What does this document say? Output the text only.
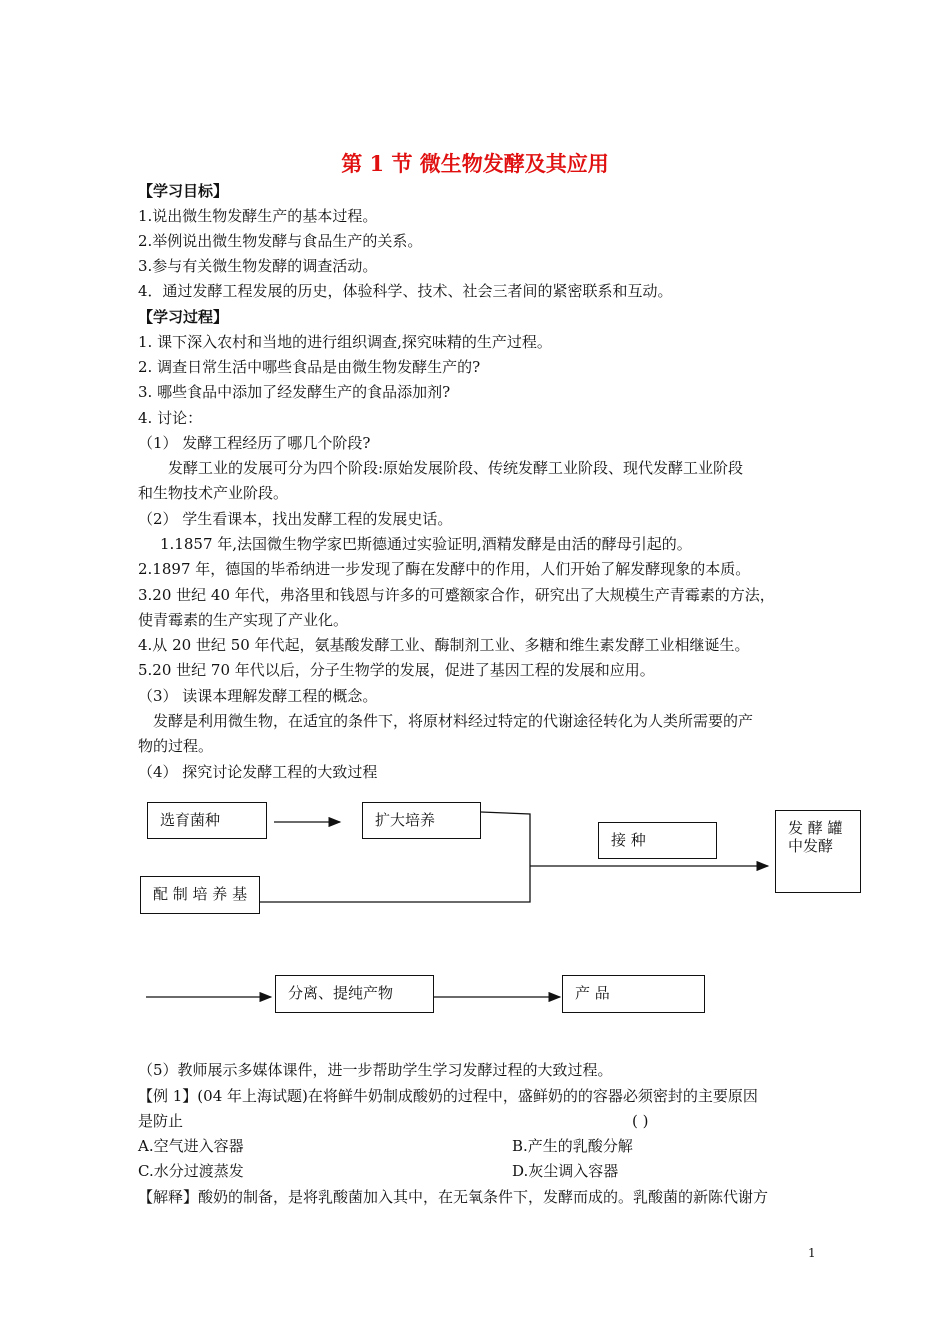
第 1 节 微生物发酵及其应用
【学习目标】
1.说出微生物发酵生产的基本过程。
2.举例说出微生物发酵与食品生产的关系。
3.参与有关微生物发酵的调查活动。
4．通过发酵工程发展的历史，体验科学、技术、社会三者间的紧密联系和互动。
【学习过程】
1. 课下深入农村和当地的进行组织调查,探究味精的生产过程。
2. 调查日常生活中哪些食品是由微生物发酵生产的?
3. 哪些食品中添加了经发酵生产的食品添加剂?
4. 讨论：
（1） 发酵工程经历了哪几个阶段?
发酵工业的发展可分为四个阶段:原始发展阶段、传统发酵工业阶段、现代发酵工业阶段
和生物技术产业阶段。
（2） 学生看课本，找出发酵工程的发展史话。
1.1857 年,法国微生物学家巴斯德通过实验证明,酒精发酵是由活的酵母引起的。
2.1897 年，德国的毕希纳进一步发现了酶在发酵中的作用，人们开始了解发酵现象的本质。
3.20 世纪 40 年代，弗洛里和钱恩与许多的可蹙额家合作，研究出了大规模生产青霉素的方法，
使青霉素的生产实现了产业化。
4.从 20 世纪 50 年代起，氨基酸发酵工业、酶制剂工业、多糖和维生素发酵工业相继诞生。
5.20 世纪 70 年代以后，分子生物学的发展，促进了基因工程的发展和应用。
（3） 读课本理解发酵工程的概念。
发酵是利用微生物，在适宜的条件下，将原材料经过特定的代谢途径转化为人类所需要的产
物的过程。
（4） 探究讨论发酵工程的大致过程
选育菌种	扩大培养
接 种
发 酵 罐
中发酵
配 制 培 养 基
分离、提纯产物	产 品
（5）教师展示多媒体课件，进一步帮助学生学习发酵过程的大致过程。
【例 1】(04 年上海试题)在将鲜牛奶制成酸奶的过程中，盛鲜奶的的容器必须密封的主要原因
是防止	( )
A.空气进入容器	B.产生的乳酸分解
C.水分过渡蒸发	D.灰尘调入容器
【解释】酸奶的制备，是将乳酸菌加入其中，在无氧条件下，发酵而成的。乳酸菌的新陈代谢方
1
